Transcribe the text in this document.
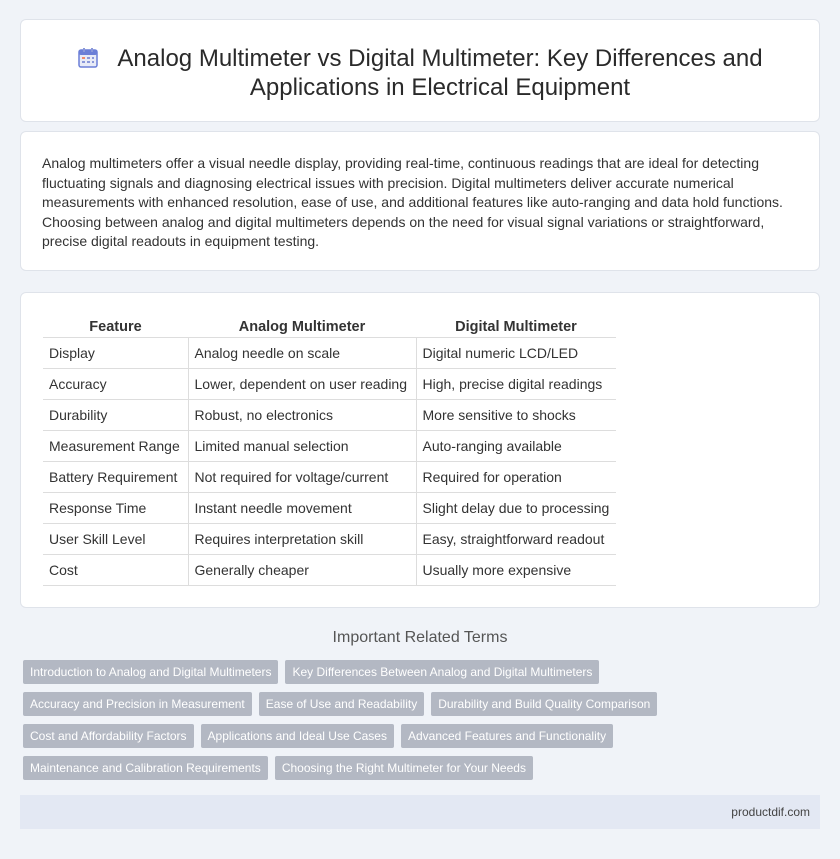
Analog Multimeter vs Digital Multimeter: Key Differences and Applications in Electrical Equipment

Analog multimeters offer a visual needle display, providing real-time, continuous readings that are ideal for detecting fluctuating signals and diagnosing electrical issues with precision. Digital multimeters deliver accurate numerical measurements with enhanced resolution, ease of use, and additional features like auto-ranging and data hold functions. Choosing between analog and digital multimeters depends on the need for visual signal variations or straightforward, precise digital readouts in equipment testing.

Feature	Analog Multimeter	Digital Multimeter
Display	Analog needle on scale	Digital numeric LCD/LED
Accuracy	Lower, dependent on user reading	High, precise digital readings
Durability	Robust, no electronics	More sensitive to shocks
Measurement Range	Limited manual selection	Auto-ranging available
Battery Requirement	Not required for voltage/current	Required for operation
Response Time	Instant needle movement	Slight delay due to processing
User Skill Level	Requires interpretation skill	Easy, straightforward readout
Cost	Generally cheaper	Usually more expensive
Important Related Terms
Introduction to Analog and Digital Multimeters	Key Differences Between Analog and Digital Multimeters
Accuracy and Precision in Measurement	Ease of Use and Readability	Durability and Build Quality Comparison
Cost and Affordability Factors	Applications and Ideal Use Cases	Advanced Features and Functionality
Maintenance and Calibration Requirements	Choosing the Right Multimeter for Your Needs
productdif.com
